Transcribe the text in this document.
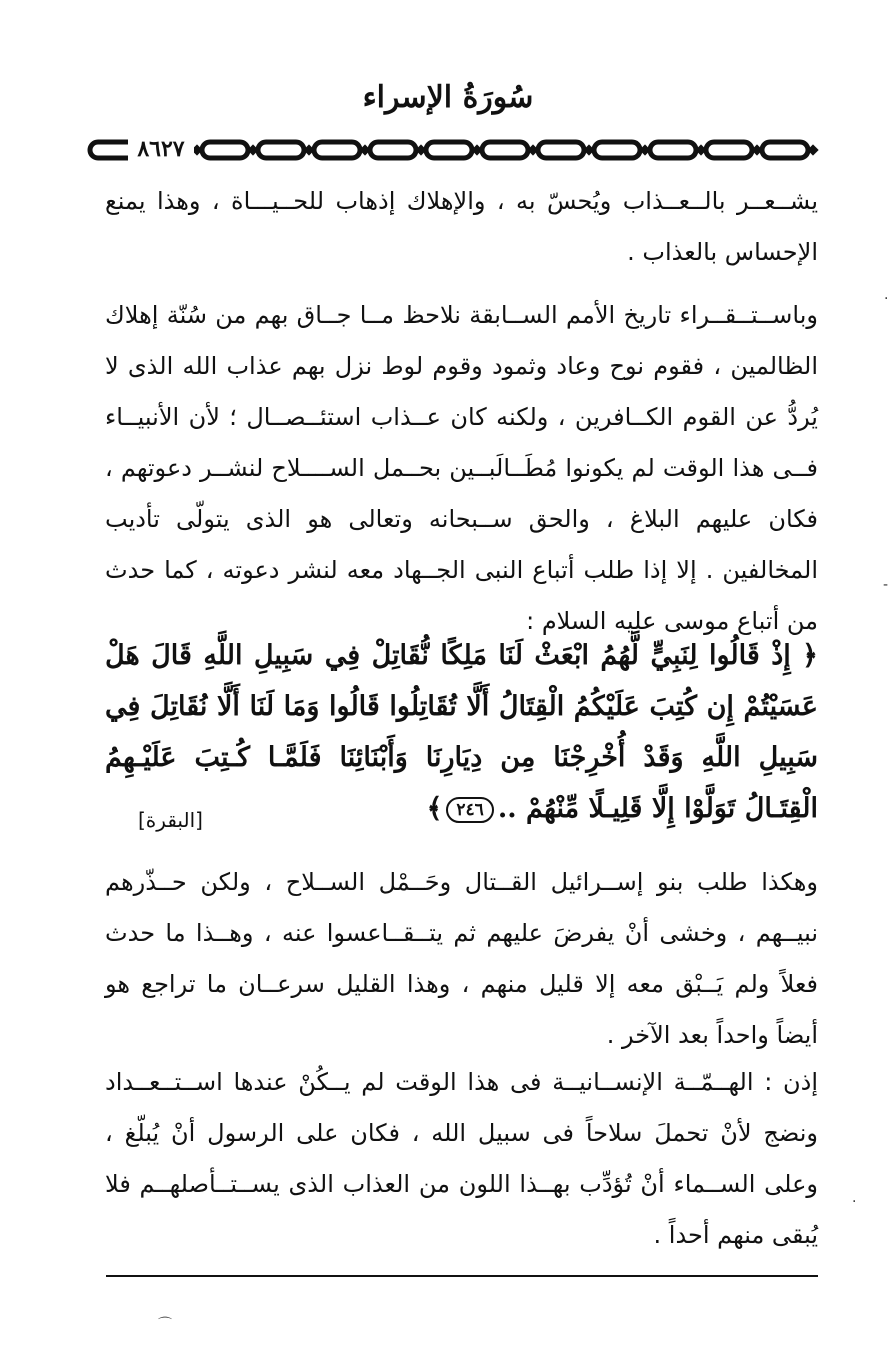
سُورَةُ الإسراء

٨٦٢٧

يشــعــر بالــعــذاب ويُحسّ به ، والإهلاك إذهاب للحــيـــاة ، وهذا يمنع الإحساس بالعذاب .

وباســتــقــراء تاريخ الأمم الســابقة نلاحظ مــا جــاق بهم من سُنّة إهلاك الظالمين ، فقوم نوح وعاد وثمود وقوم لوط نزل بهم عذاب الله الذى لا يُردُّ عن القوم الكــافرين ، ولكنه كان عــذاب استئــصــال ؛ لأن الأنبيــاء فــى هذا الوقت لم يكونوا مُطَــالَبــين بحــمل الســــلاح لنشــر دعوتهم ، فكان عليهم البلاغ ، والحق ســبحانه وتعالى هو الذى يتولّى تأديب المخالفين . إلا إذا طلب أتباع النبى الجــهاد معه لنشر دعوته ، كما حدث من أتباع موسى عليه السلام :

﴿ إِذْ قَالُوا لِنَبِيٍّ لَّهُمُ ابْعَثْ لَنَا مَلِكًا نُّقَاتِلْ فِي سَبِيلِ اللَّهِ قَالَ هَلْ عَسَيْتُمْ إِن كُتِبَ عَلَيْكُمُ الْقِتَالُ أَلَّا تُقَاتِلُوا قَالُوا وَمَا لَنَا أَلَّا نُقَاتِلَ فِي سَبِيلِ اللَّهِ وَقَدْ أُخْرِجْنَا مِن دِيَارِنَا وَأَبْنَائِنَا فَلَمَّـا كُـتِبَ عَلَيْـهِمُ الْقِتَـالُ تَوَلَّوْا إِلَّا قَلِيـلًا مِّنْهُمْ ..٢٤٦﴾

[البقرة]

وهكذا طلب بنو إســرائيل القــتال وحَــمْل الســلاح ، ولكن حــذّرهم نبيــهم ، وخشى أنْ يفرضَ عليهم ثم يتــقــاعسوا عنه ، وهــذا ما حدث فعلاً ولم يَــبْق معه إلا قليل منهم ، وهذا القليل سرعــان ما تراجع هو أيضاً واحداً بعد الآخر .

إذن : الهــمّــة الإنســانيــة فى هذا الوقت لم يــكُنْ عندها اســتــعــداد ونضج لأنْ تحملَ سلاحاً فى سبيل الله ، فكان على الرسول أنْ يُبلّغ ، وعلى الســماء أنْ تُؤدِّب بهــذا اللون من العذاب الذى يســتــأصلهــم فلا يُبقى منهم أحداً .

·
-
·
⌒
